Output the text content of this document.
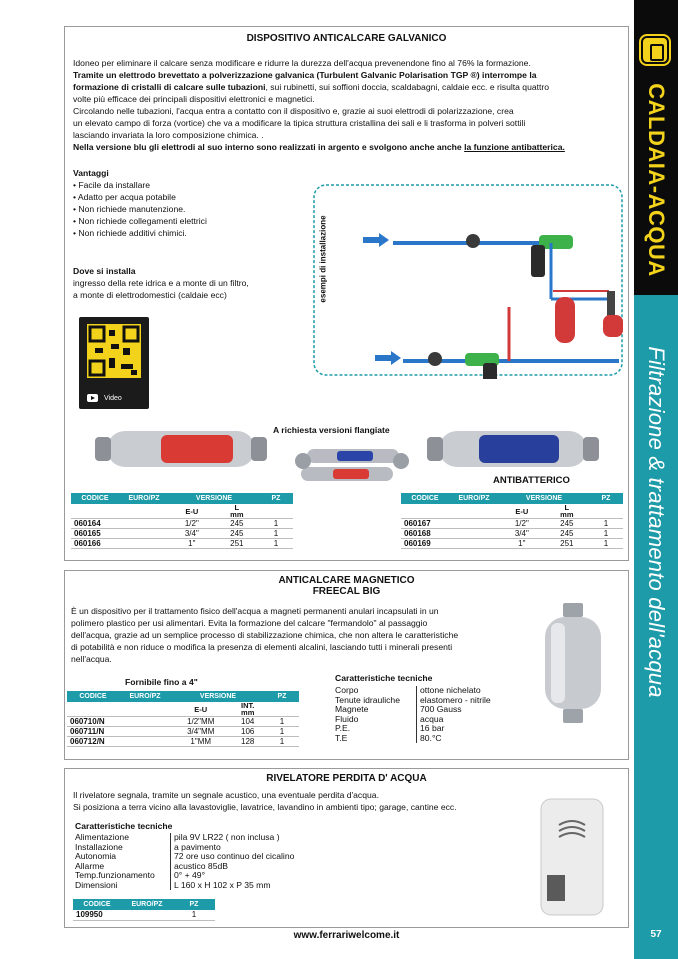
CALDAIA-ACQUA
Filtrazione & trattamento dell'acqua
57
DISPOSITIVO ANTICALCARE GALVANICO
Idoneo per eliminare il calcare senza modificare e ridurre la durezza dell'acqua prevenendone fino al 76% la formazione.
Tramite un elettrodo brevettato a polverizzazione galvanica (Turbulent Galvanic Polarisation TGP ®) interrompe la
formazione di cristalli di calcare sulle tubazioni, sui rubinetti, sui soffioni doccia, scaldabagni, caldaie ecc. e risulta quattro
volte più efficace dei principali dispositivi elettronici e magnetici.
Circolando nelle tubazioni, l'acqua entra a contatto con il dispositivo e, grazie ai suoi elettrodi di polarizzazione, crea
un elevato campo di forza (vortice) che va a modificare la tipica struttura cristallina dei sali e li trasforma in polveri sottili
lasciando invariata la loro composizione chimica. .
Nella versione blu gli elettrodi al suo interno sono realizzati in argento e svolgono anche anche la funzione antibatterica.
Vantaggi
• Facile da installare
• Adatto per acqua potabile
• Non richiede manutenzione.
• Non richiede collegamenti elettrici
• Non richiede additivi chimici.
Dove si installa
ingresso della rete idrica e a monte di un filtro,
a monte di elettrodomestici (caldaie ecc)	esempi di installazione
Video
A richiesta versioni flangiate
ANTIBATTERICO
CODICE	EURO/PZ	VERSIONE		PZ
		E-U	L
mm	
060164		1/2"	245	1
060165		3/4"	245	1
060166		1"	251	1
CODICE	EURO/PZ	VERSIONE		PZ
		E-U	L
mm	
060167		1/2"	245	1
060168		3/4"	245	1
060169		1"	251	1
ANTICALCARE MAGNETICO
FREECAL BIG
È un dispositivo per il trattamento fisico dell'acqua a magneti permanenti anulari incapsulati in un
polimero plastico per usi alimentari. Evita la formazione del calcare "fermandolo" al passaggio
dell'acqua, grazie ad un semplice processo di stabilizzazione chimica, che non altera le caratteristiche
di potabilità e non riduce o modifica la presenza di elementi alcalini, lasciando tutti i minerali presenti
nell'acqua.
Fornibile fino a 4"
CODICE	EURO/PZ	VERSIONE		PZ
		E-U	INT.
mm	
060710/N		1/2"MM	104	1
060711/N		3/4"MM	106	1
060712/N		1"MM	128	1
Caratteristiche tecniche
Corpo	ottone nichelato
Tenute idrauliche	elastomero - nitrile
Magnete	700 Gauss
Fluido	acqua
P.E.	16 bar
T.E	80.°C
RIVELATORE PERDITA D' ACQUA
Il rivelatore segnala, tramite un segnale acustico, una eventuale perdita d'acqua.
Si posiziona a terra vicino alla lavastoviglie, lavatrice, lavandino in ambienti tipo; garage, cantine ecc.
Caratteristiche tecniche
Alimentazione	pila 9V LR22 ( non inclusa )
Installazione	a pavimento
Autonomia	72 ore uso continuo del cicalino
Allarme	acustico 85dB
Temp.funzionamento	0° + 49°
Dimensioni	L 160 x H 102 x P 35 mm
CODICE	EURO/PZ	PZ
109950		1
www.ferrariwelcome.it
